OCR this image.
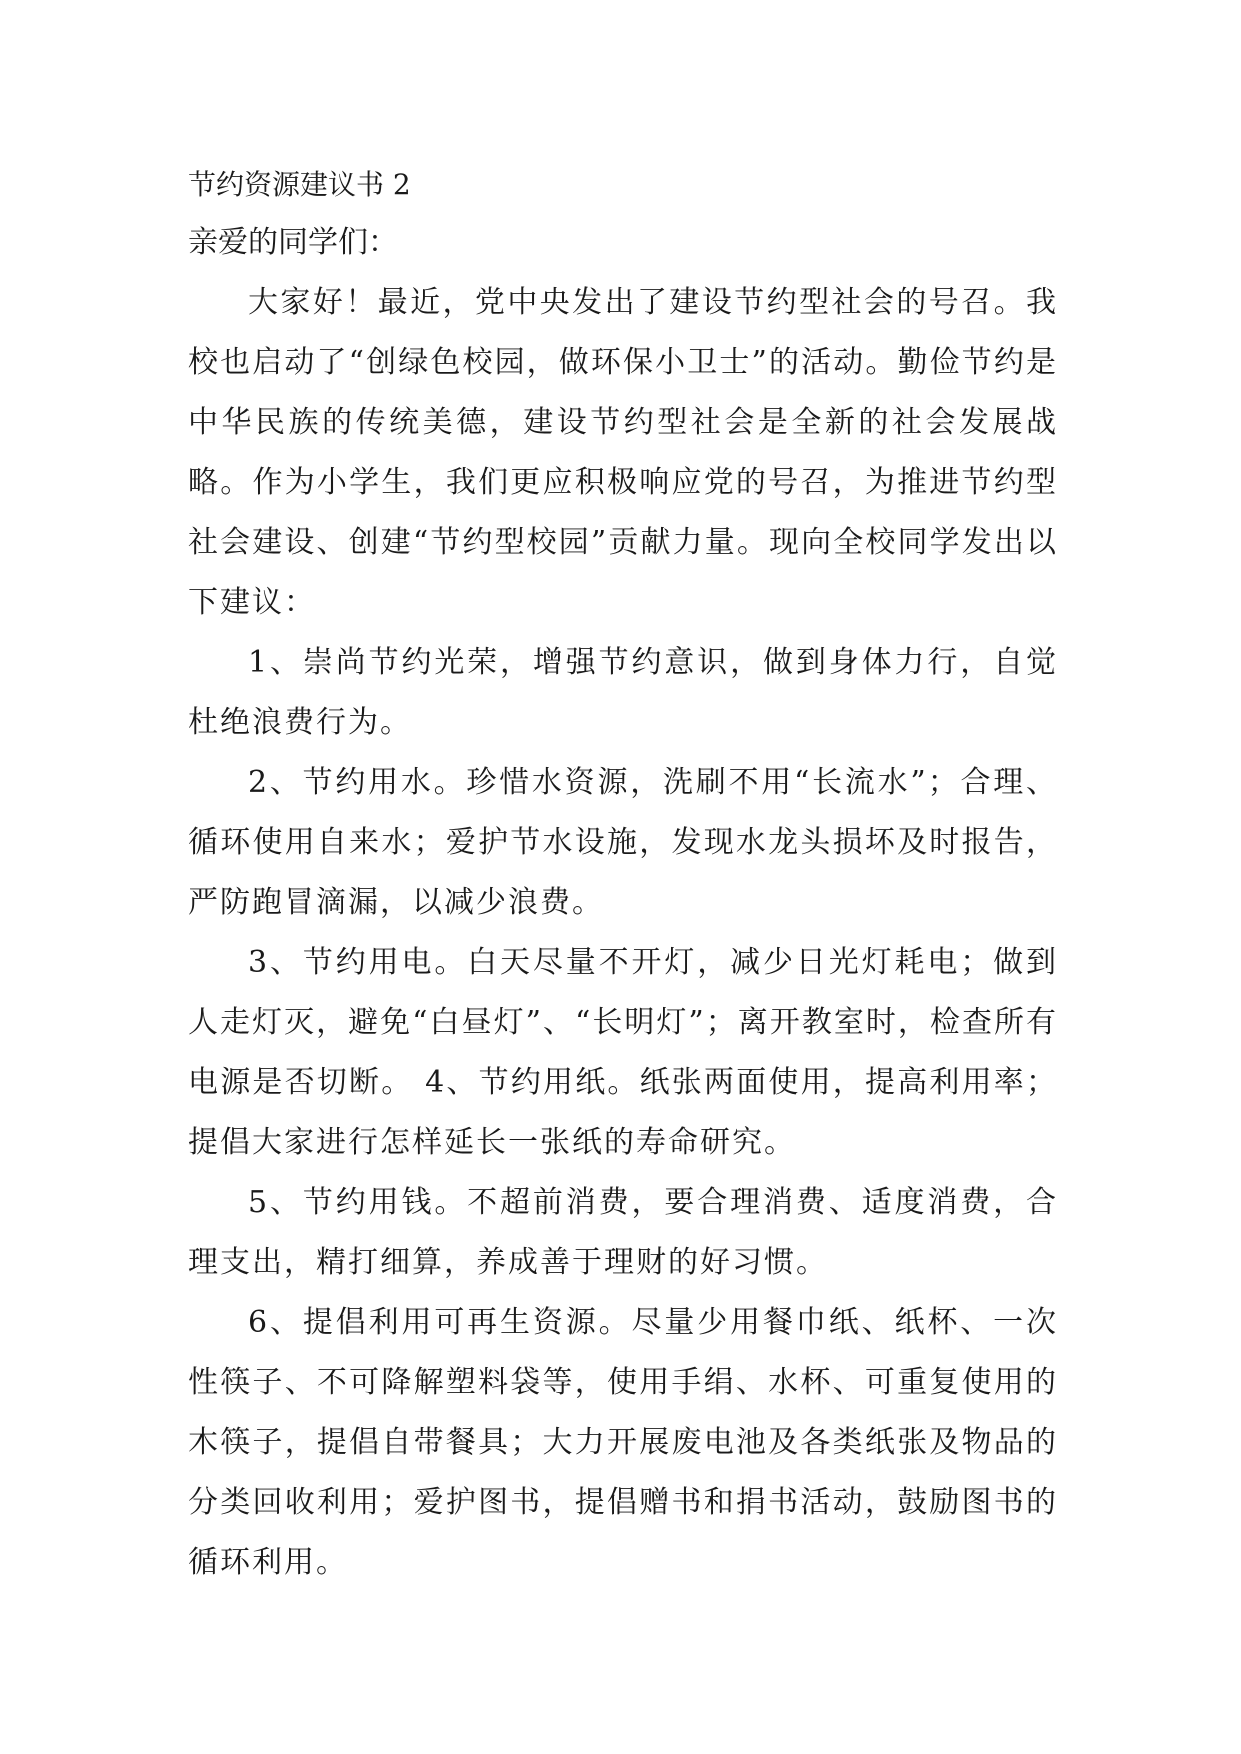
节约资源建议书 2

亲爱的同学们：

大家好！最近，党中央发出了建设节约型社会的号召。我校也启动了“创绿色校园，做环保小卫士”的活动。勤俭节约是中华民族的传统美德，建设节约型社会是全新的社会发展战略。作为小学生，我们更应积极响应党的号召，为推进节约型社会建设、创建“节约型校园”贡献力量。现向全校同学发出以下建议：

1、崇尚节约光荣，增强节约意识，做到身体力行，自觉杜绝浪费行为。

2、节约用水。珍惜水资源，洗刷不用“长流水”；合理、循环使用自来水；爱护节水设施，发现水龙头损坏及时报告，严防跑冒滴漏，以减少浪费。

3、节约用电。白天尽量不开灯，减少日光灯耗电；做到人走灯灭，避免“白昼灯”、“长明灯”；离开教室时，检查所有电源是否切断。 4、节约用纸。纸张两面使用，提高利用率；提倡大家进行怎样延长一张纸的寿命研究。

5、节约用钱。不超前消费，要合理消费、适度消费，合理支出，精打细算，养成善于理财的好习惯。

6、提倡利用可再生资源。尽量少用餐巾纸、纸杯、一次性筷子、不可降解塑料袋等，使用手绢、水杯、可重复使用的木筷子，提倡自带餐具；大力开展废电池及各类纸张及物品的分类回收利用；爱护图书，提倡赠书和捐书活动，鼓励图书的循环利用。
